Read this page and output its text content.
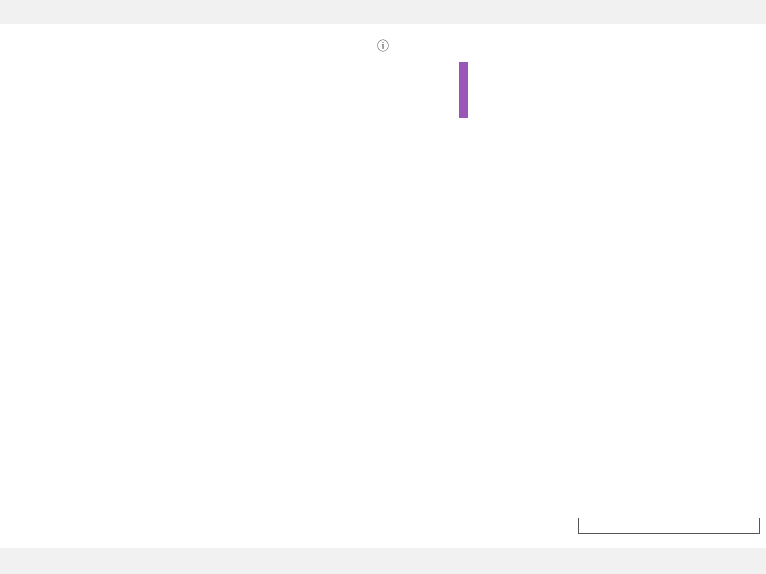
ⓘ
